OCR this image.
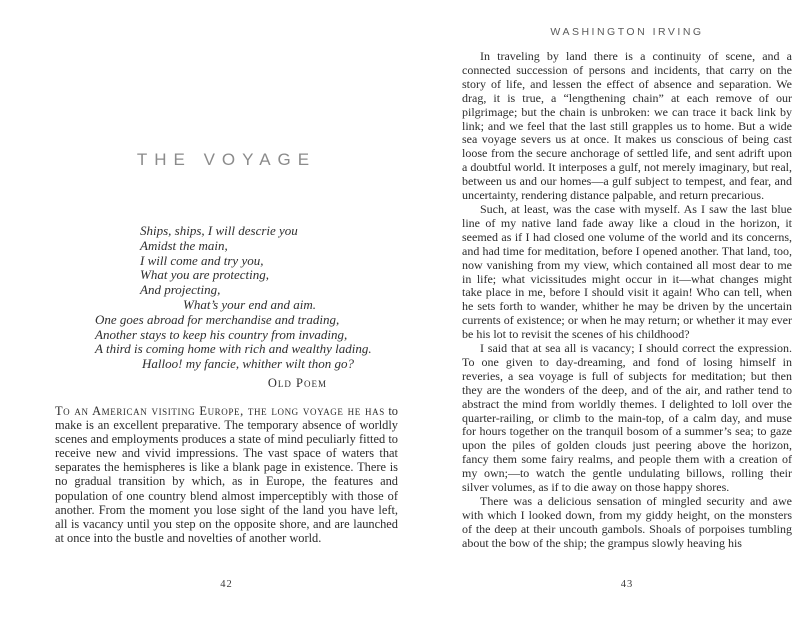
THE VOYAGE
Ships, ships, I will descrie you
Amidst the main,
I will come and try you,
What you are protecting,
And projecting,
What’s your end and aim.
One goes abroad for merchandise and trading,
Another stays to keep his country from invading,
A third is coming home with rich and wealthy lading.
Halloo! my fancie, whither wilt thon go?
Old Poem

To an American visiting Europe, the long voyage he has to make is an excellent preparative. The temporary absence of worldly scenes and employments produces a state of mind peculiarly fitted to receive new and vivid impressions. The vast space of waters that separates the hemispheres is like a blank page in existence. There is no gradual transition by which, as in Europe, the features and population of one country blend almost imperceptibly with those of another. From the moment you lose sight of the land you have left, all is vacancy until you step on the opposite shore, and are launched at once into the bustle and novelties of another world.

42
WASHINGTON IRVING

In traveling by land there is a continuity of scene, and a connected succession of persons and incidents, that carry on the story of life, and lessen the effect of absence and separation. We drag, it is true, a “lengthening chain” at each remove of our pilgrimage; but the chain is unbroken: we can trace it back link by link; and we feel that the last still grapples us to home. But a wide sea voyage severs us at once. It makes us conscious of being cast loose from the secure anchorage of settled life, and sent adrift upon a doubtful world. It interposes a gulf, not merely imaginary, but real, between us and our homes—a gulf subject to tempest, and fear, and uncertainty, rendering distance palpable, and return precarious.

Such, at least, was the case with myself. As I saw the last blue line of my native land fade away like a cloud in the horizon, it seemed as if I had closed one volume of the world and its concerns, and had time for meditation, before I opened another. That land, too, now vanishing from my view, which contained all most dear to me in life; what vicissitudes might occur in it—what changes might take place in me, before I should visit it again! Who can tell, when he sets forth to wander, whither he may be driven by the uncertain currents of existence; or when he may return; or whether it may ever be his lot to revisit the scenes of his childhood?

I said that at sea all is vacancy; I should correct the expression. To one given to day-dreaming, and fond of losing himself in reveries, a sea voyage is full of subjects for meditation; but then they are the wonders of the deep, and of the air, and rather tend to abstract the mind from worldly themes. I delighted to loll over the quarter-railing, or climb to the main-top, of a calm day, and muse for hours together on the tranquil bosom of a summer’s sea; to gaze upon the piles of golden clouds just peering above the horizon, fancy them some fairy realms, and people them with a creation of my own;—to watch the gentle undulating billows, rolling their silver volumes, as if to die away on those happy shores.

There was a delicious sensation of mingled security and awe with which I looked down, from my giddy height, on the monsters of the deep at their uncouth gambols. Shoals of porpoises tumbling about the bow of the ship; the grampus slowly heaving his

43
